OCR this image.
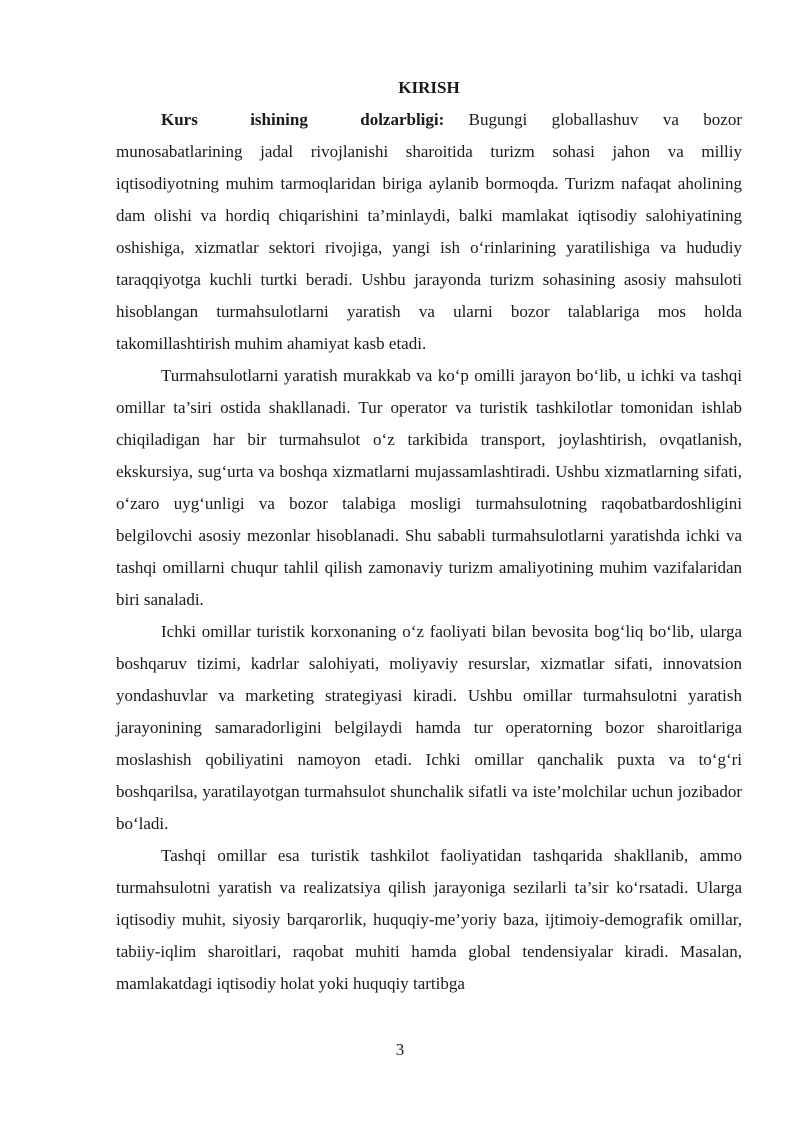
KIRISH

Kurs ishining dolzarbligi: Bugungi globallashuv va bozor munosabatlarining jadal rivojlanishi sharoitida turizm sohasi jahon va milliy iqtisodiyotning muhim tarmoqlaridan biriga aylanib bormoqda. Turizm nafaqat aholining dam olishi va hordiq chiqarishini ta’minlaydi, balki mamlakat iqtisodiy salohiyatining oshishiga, xizmatlar sektori rivojiga, yangi ish o‘rinlarining yaratilishiga va hududiy taraqqiyotga kuchli turtki beradi. Ushbu jarayonda turizm sohasining asosiy mahsuloti hisoblangan turmahsulotlarni yaratish va ularni bozor talablariga mos holda takomillashtirish muhim ahamiyat kasb etadi.

Turmahsulotlarni yaratish murakkab va ko‘p omilli jarayon bo‘lib, u ichki va tashqi omillar ta’siri ostida shakllanadi. Tur operator va turistik tashkilotlar tomonidan ishlab chiqiladigan har bir turmahsulot o‘z tarkibida transport, joylashtirish, ovqatlanish, ekskursiya, sug‘urta va boshqa xizmatlarni mujassamlashtiradi. Ushbu xizmatlarning sifati, o‘zaro uyg‘unligi va bozor talabiga mosligi turmahsulotning raqobatbardoshligini belgilovchi asosiy mezonlar hisoblanadi. Shu sababli turmahsulotlarni yaratishda ichki va tashqi omillarni chuqur tahlil qilish zamonaviy turizm amaliyotining muhim vazifalaridan biri sanaladi.

Ichki omillar turistik korxonaning o‘z faoliyati bilan bevosita bog‘liq bo‘lib, ularga boshqaruv tizimi, kadrlar salohiyati, moliyaviy resurslar, xizmatlar sifati, innovatsion yondashuvlar va marketing strategiyasi kiradi. Ushbu omillar turmahsulotni yaratish jarayonining samaradorligini belgilaydi hamda tur operatorning bozor sharoitlariga moslashish qobiliyatini namoyon etadi. Ichki omillar qanchalik puxta va to‘g‘ri boshqarilsa, yaratilayotgan turmahsulot shunchalik sifatli va iste’molchilar uchun jozibador bo‘ladi.

Tashqi omillar esa turistik tashkilot faoliyatidan tashqarida shakllanib, ammo turmahsulotni yaratish va realizatsiya qilish jarayoniga sezilarli ta’sir ko‘rsatadi. Ularga iqtisodiy muhit, siyosiy barqarorlik, huquqiy-me’yoriy baza, ijtimoiy-demografik omillar, tabiiy-iqlim sharoitlari, raqobat muhiti hamda global tendensiyalar kiradi. Masalan, mamlakatdagi iqtisodiy holat yoki huquqiy tartibga

3
